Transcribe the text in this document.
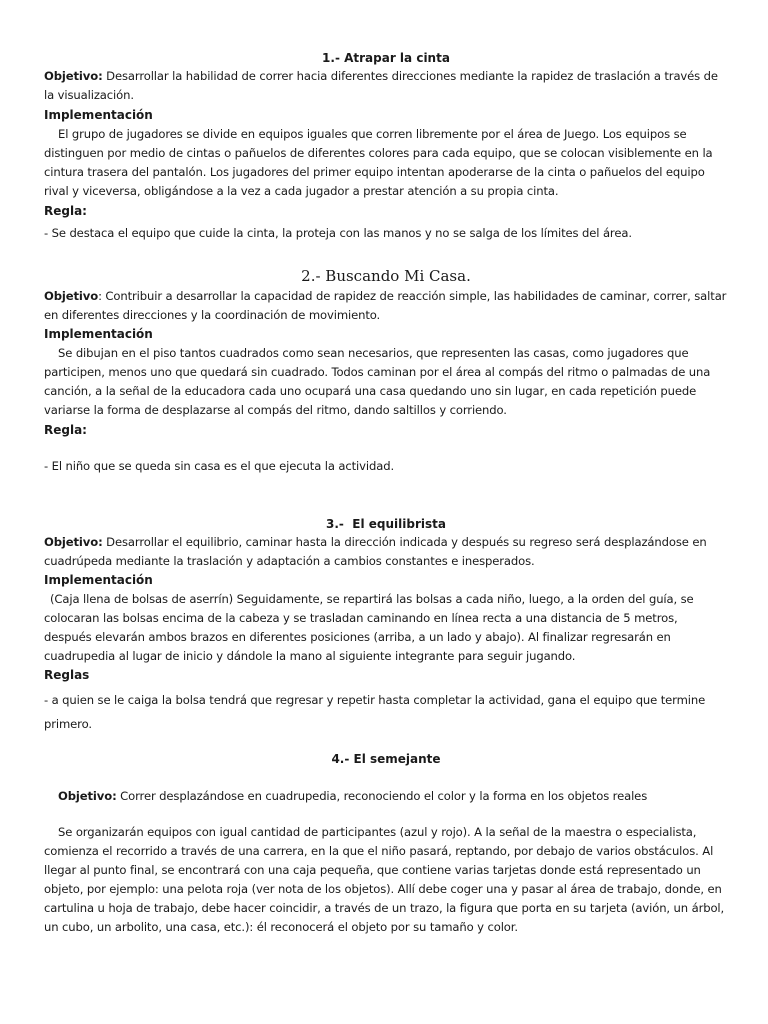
1.- Atrapar la cinta

Objetivo: Desarrollar la habilidad de correr hacia diferentes direcciones mediante la rapidez de traslación a través de la visualización.

Implementación

El grupo de jugadores se divide en equipos iguales que corren libremente por el área de Juego. Los equipos se distinguen por medio de cintas o pañuelos de diferentes colores para cada equipo, que se colocan visiblemente en la cintura trasera del pantalón. Los jugadores del primer equipo intentan apoderarse de la cinta o pañuelos del equipo rival y viceversa, obligándose a la vez a cada jugador a prestar atención a su propia cinta.

Regla:

- Se destaca el equipo que cuide la cinta, la proteja con las manos y no se salga de los límites del área.

2.- Buscando Mi Casa.

Objetivo: Contribuir a desarrollar la capacidad de rapidez de reacción simple, las habilidades de caminar, correr, saltar en diferentes direcciones y la coordinación de movimiento.

Implementación

Se dibujan en el piso tantos cuadrados como sean necesarios, que representen las casas, como jugadores que participen, menos uno que quedará sin cuadrado. Todos caminan por el área al compás del ritmo o palmadas de una canción, a la señal de la educadora cada uno ocupará una casa quedando uno sin lugar, en cada repetición puede variarse la forma de desplazarse al compás del ritmo, dando saltillos y corriendo.

Regla:

- El niño que se queda sin casa es el que ejecuta la actividad.

3.-  El equilibrista

Objetivo: Desarrollar el equilibrio, caminar hasta la dirección indicada y después su regreso será desplazándose en cuadrúpeda mediante la traslación y adaptación a cambios constantes e inesperados.

Implementación

(Caja llena de bolsas de aserrín) Seguidamente, se repartirá las bolsas a cada niño, luego, a la orden del guía, se colocaran las bolsas encima de la cabeza y se trasladan caminando en línea recta a una distancia de 5 metros, después elevarán ambos brazos en diferentes posiciones (arriba, a un lado y abajo). Al finalizar regresarán en cuadrupedia al lugar de inicio y dándole la mano al siguiente integrante para seguir jugando.

Reglas

- a quien se le caiga la bolsa tendrá que regresar y repetir hasta completar la actividad, gana el equipo que termine primero.

4.- El semejante

Objetivo: Correr desplazándose en cuadrupedia, reconociendo el color y la forma en los objetos reales

Se organizarán equipos con igual cantidad de participantes (azul y rojo). A la señal de la maestra o especialista, comienza el recorrido a través de una carrera, en la que el niño pasará, reptando, por debajo de varios obstáculos. Al llegar al punto final, se encontrará con una caja pequeña, que contiene varias tarjetas donde está representado un objeto, por ejemplo: una pelota roja (ver nota de los objetos). Allí debe coger una y pasar al área de trabajo, donde, en cartulina u hoja de trabajo, debe hacer coincidir, a través de un trazo, la figura que porta en su tarjeta (avión, un árbol, un cubo, un arbolito, una casa, etc.): él reconocerá el objeto por su tamaño y color.
